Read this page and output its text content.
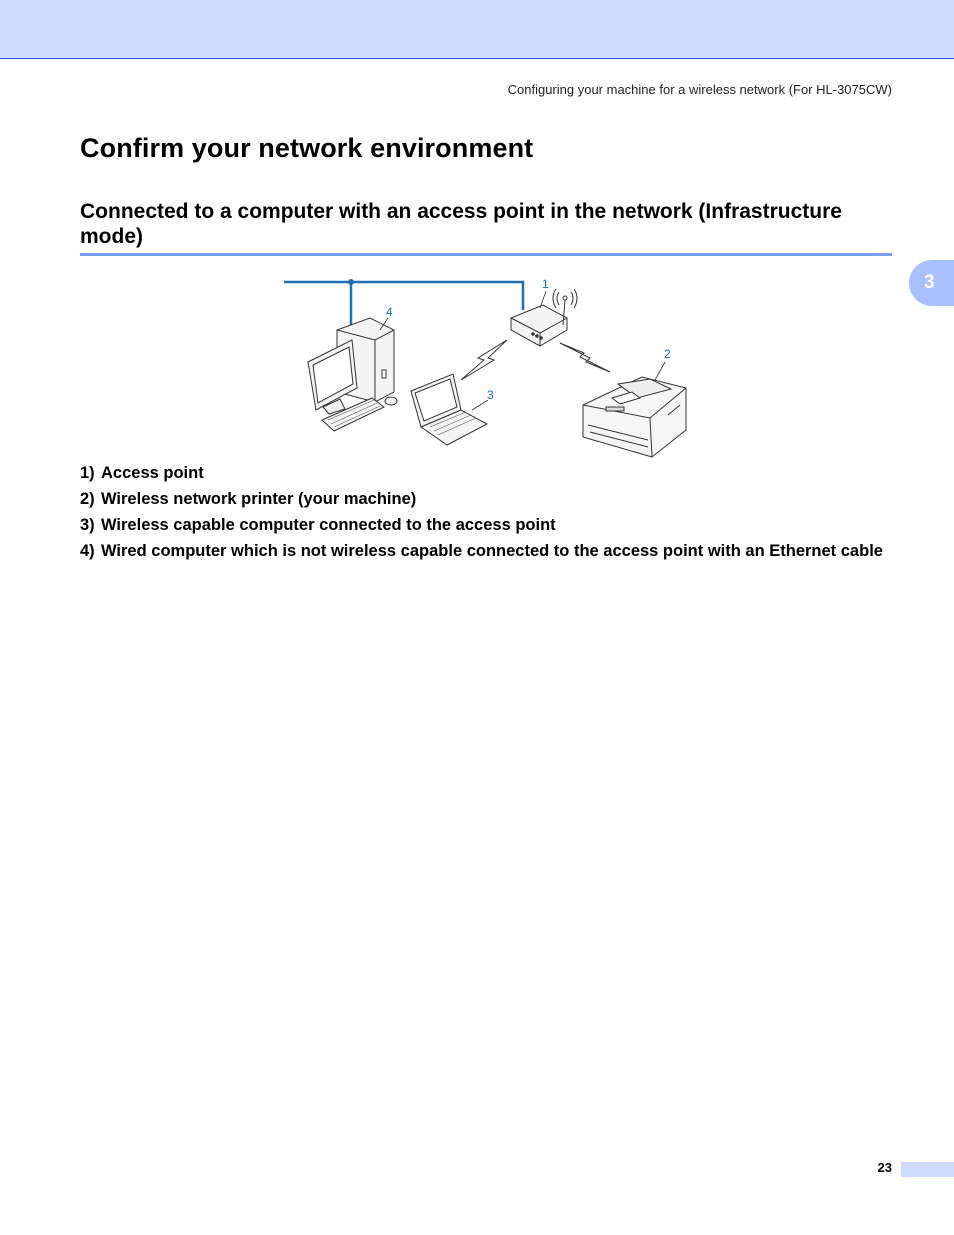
Configuring your machine for a wireless network (For HL-3075CW)
3
Confirm your network environment
Connected to a computer with an access point in the network (Infrastructure mode)
1
2
3
4
1) Access point
2) Wireless network printer (your machine)
3) Wireless capable computer connected to the access point
4) Wired computer which is not wireless capable connected to the access point with an Ethernet cable
23
